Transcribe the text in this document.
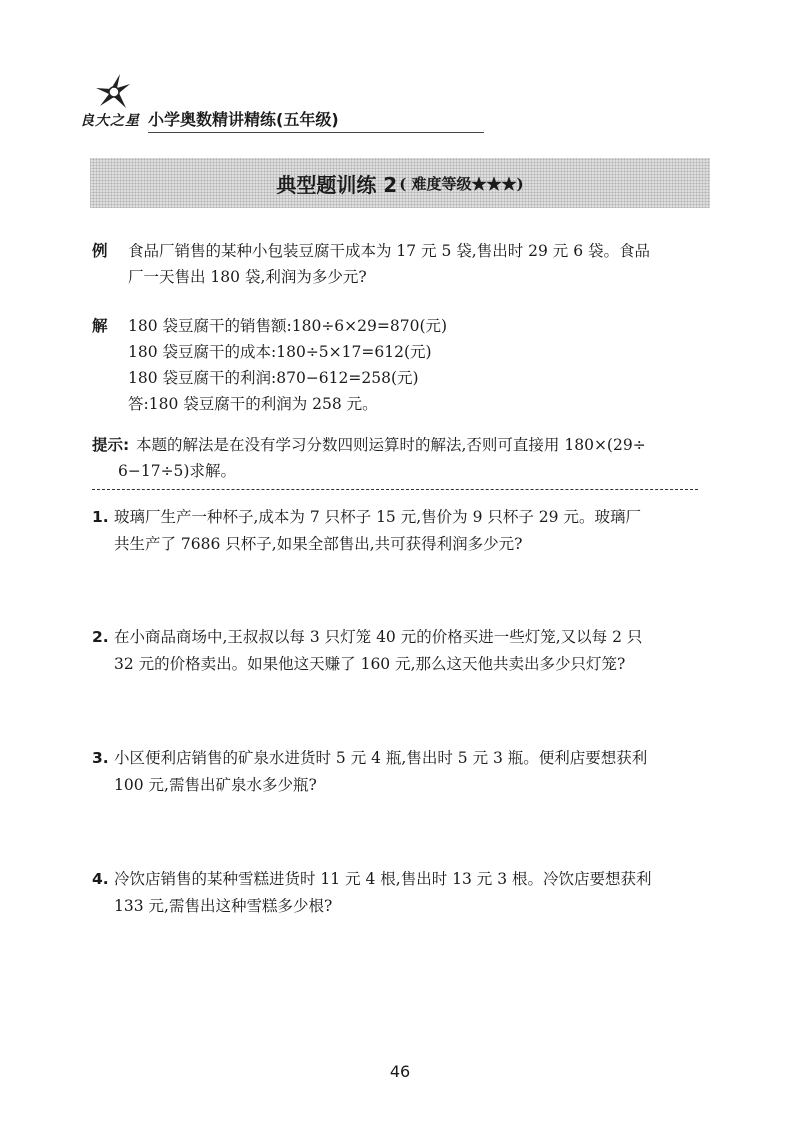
良大之星 小学奥数精讲精练(五年级)
典型题训练 2 ( 难度等级★★★)
例 食品厂销售的某种小包装豆腐干成本为 17 元 5 袋,售出时 29 元 6 袋。食品
厂一天售出 180 袋,利润为多少元?
解 180 袋豆腐干的销售额:180÷6×29=870(元)
180 袋豆腐干的成本:180÷5×17=612(元)
180 袋豆腐干的利润:870−612=258(元)
答:180 袋豆腐干的利润为 258 元。
提示: 本题的解法是在没有学习分数四则运算时的解法,否则可直接用 180×(29÷
6−17÷5)求解。
1. 玻璃厂生产一种杯子,成本为 7 只杯子 15 元,售价为 9 只杯子 29 元。玻璃厂
共生产了 7686 只杯子,如果全部售出,共可获得利润多少元?
2. 在小商品商场中,王叔叔以每 3 只灯笼 40 元的价格买进一些灯笼,又以每 2 只
32 元的价格卖出。如果他这天赚了 160 元,那么这天他共卖出多少只灯笼?
3. 小区便利店销售的矿泉水进货时 5 元 4 瓶,售出时 5 元 3 瓶。便利店要想获利
100 元,需售出矿泉水多少瓶?
4. 冷饮店销售的某种雪糕进货时 11 元 4 根,售出时 13 元 3 根。冷饮店要想获利
133 元,需售出这种雪糕多少根?
46
